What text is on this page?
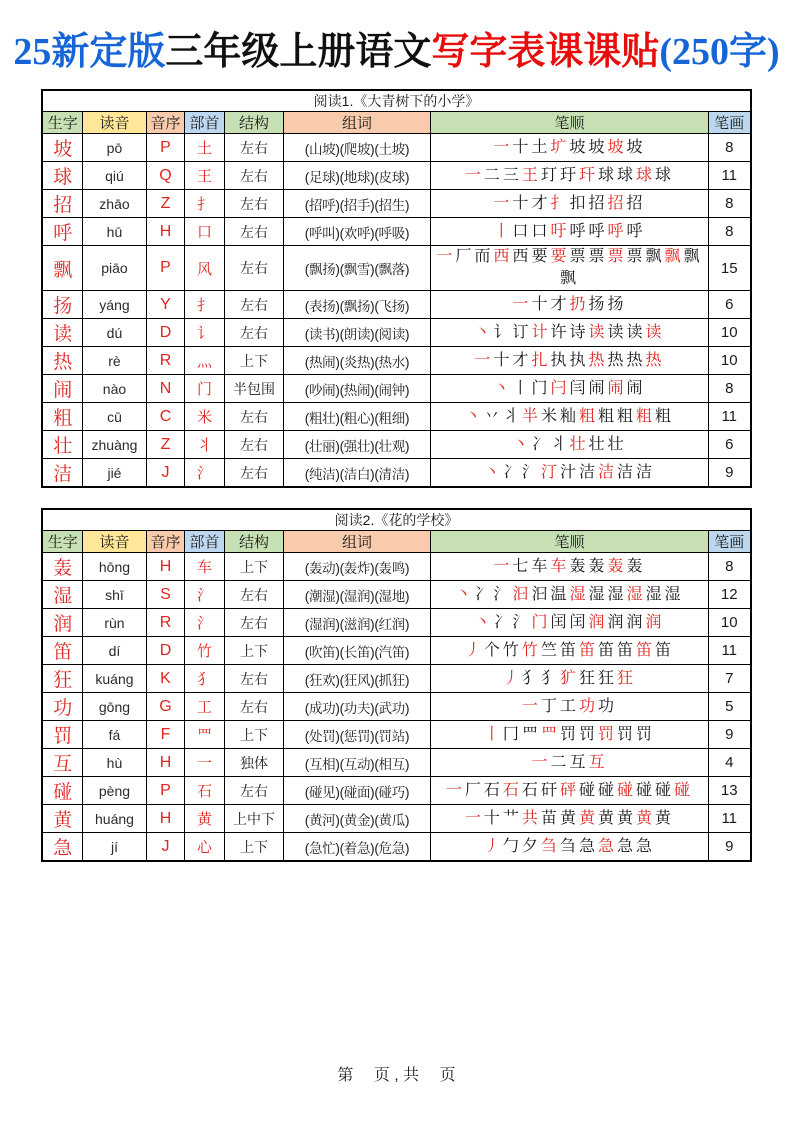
25新定版三年级上册语文写字表课课贴(250字)
阅读1.《大青树下的小学》							
生字	读音	音序	部首	结构	组词	笔顺	笔画
坡	pō	P	土	左右	(山坡)(爬坡)(土坡)	一十土圹坡坡坡坡	8
球	qiú	Q	王	左右	(足球)(地球)(皮球)	一二三王玎玗玕球球球球	11
招	zhāo	Z	扌	左右	(招呼)(招手)(招生)	一十才扌扣招招招	8
呼	hū	H	口	左右	(呼叫)(欢呼)(呼吸)	丨口口吁呼呼呼呼	8
飘	piāo	P	风	左右	(飘扬)(飘雪)(飘落)	一厂而西西要要票票票票飘飘飘飘	15
扬	yáng	Y	扌	左右	(表扬)(飘扬)(飞扬)	一十才扔扬扬	6
读	dú	D	讠	左右	(读书)(朗读)(阅读)	丶讠订计许诗读读读读	10
热	rè	R	灬	上下	(热闹)(炎热)(热水)	一十才扎执执热热热热	10
闹	nào	N	门	半包围	(吵闹)(热闹)(闹钟)	丶丨门闩闫闹闹闹	8
粗	cū	C	米	左右	(粗壮)(粗心)(粗细)	丶丷丬半米籼粗粗粗粗粗	11
壮	zhuàng	Z	丬	左右	(壮丽)(强壮)(壮观)	丶冫丬壮壮壮	6
洁	jié	J	氵	左右	(纯洁)(洁白)(清洁)	丶冫氵汀汁洁洁洁洁	9
阅读2.《花的学校》							
生字	读音	音序	部首	结构	组词	笔顺	笔画
轰	hōng	H	车	上下	(轰动)(轰炸)(轰鸣)	一七车车轰轰轰轰	8
湿	shī	S	氵	左右	(潮湿)(湿润)(湿地)	丶冫氵汩汩温湿湿湿湿湿湿	12
润	rùn	R	氵	左右	(湿润)(滋润)(红润)	丶冫氵门闰闰润润润润	10
笛	dí	D	竹	上下	(吹笛)(长笛)(汽笛)	丿个竹竹竺笛笛笛笛笛笛	11
狂	kuáng	K	犭	左右	(狂欢)(狂风)(抓狂)	丿犭犭犷狂狂狂	7
功	gōng	G	工	左右	(成功)(功夫)(武功)	一丁工功功	5
罚	fá	F	罒	上下	(处罚)(惩罚)(罚站)	丨冂罒罒罚罚罚罚罚	9
互	hù	H	一	独体	(互相)(互动)(相互)	一二互互	4
碰	pèng	P	石	左右	(碰见)(碰面)(碰巧)	一厂石石石矸砰碰碰碰碰碰碰	13
黄	huáng	H	黄	上中下	(黄河)(黄金)(黄瓜)	一十艹共苗黄黄黄黄黄黄	11
急	jí	J	心	上下	(急忙)(着急)(危急)	丿勹夕刍刍急急急急	9
第　 页 , 共　 页
